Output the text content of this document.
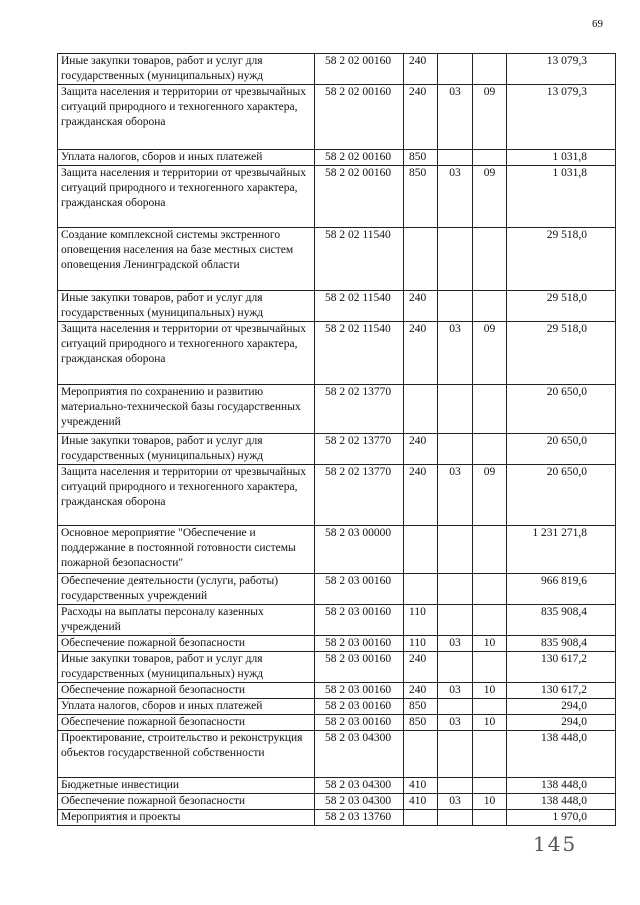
69
Иные закупки товаров, работ и услуг для государственных (муниципальных) нужд	58 2 02 00160	240			13 079,3
Защита населения и территории от чрезвычайных ситуаций природного и техногенного характера, гражданская оборона	58 2 02 00160	240	03	09	13 079,3
Уплата налогов, сборов и иных платежей	58 2 02 00160	850			1 031,8
Защита населения и территории от чрезвычайных ситуаций природного и техногенного характера, гражданская оборона	58 2 02 00160	850	03	09	1 031,8
Создание комплексной системы экстренного оповещения населения на базе местных систем оповещения Ленинградской области	58 2 02 11540				29 518,0
Иные закупки товаров, работ и услуг для государственных (муниципальных) нужд	58 2 02 11540	240			29 518,0
Защита населения и территории от чрезвычайных ситуаций природного и техногенного характера, гражданская оборона	58 2 02 11540	240	03	09	29 518,0
Мероприятия по сохранению и развитию материально-технической базы государственных учреждений	58 2 02 13770				20 650,0
Иные закупки товаров, работ и услуг для государственных (муниципальных) нужд	58 2 02 13770	240			20 650,0
Защита населения и территории от чрезвычайных ситуаций природного и техногенного характера, гражданская оборона	58 2 02 13770	240	03	09	20 650,0
Основное мероприятие "Обеспечение и поддержание в постоянной готовности системы пожарной безопасности"	58 2 03 00000				1 231 271,8
Обеспечение деятельности (услуги, работы) государственных учреждений	58 2 03 00160				966 819,6
Расходы на выплаты персоналу казенных учреждений	58 2 03 00160	110			835 908,4
Обеспечение пожарной безопасности	58 2 03 00160	110	03	10	835 908,4
Иные закупки товаров, работ и услуг для государственных (муниципальных) нужд	58 2 03 00160	240			130 617,2
Обеспечение пожарной безопасности	58 2 03 00160	240	03	10	130 617,2
Уплата налогов, сборов и иных платежей	58 2 03 00160	850			294,0
Обеспечение пожарной безопасности	58 2 03 00160	850	03	10	294,0
Проектирование, строительство и реконструкция объектов государственной собственности	58 2 03 04300				138 448,0
Бюджетные инвестиции	58 2 03 04300	410			138 448,0
Обеспечение пожарной безопасности	58 2 03 04300	410	03	10	138 448,0
Мероприятия и проекты	58 2 03 13760				1 970,0
145
